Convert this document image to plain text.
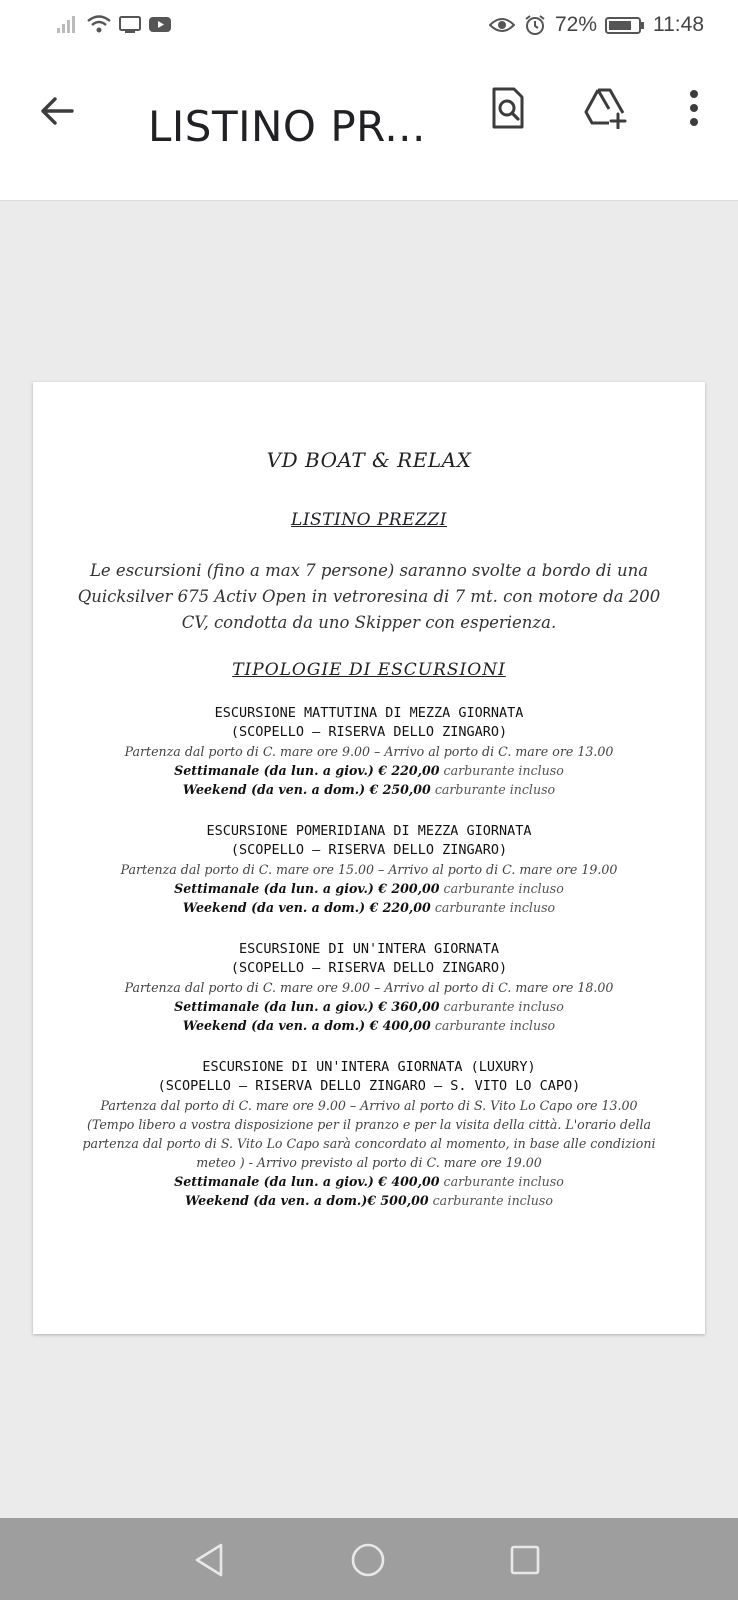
72%	11:48
LISTINO PR...
VD BOAT & RELAX
LISTINO PREZZI
Le escursioni (fino a max 7 persone) saranno svolte a bordo di una Quicksilver 675 Activ Open in vetroresina di 7 mt. con motore da 200 CV, condotta da uno Skipper con esperienza.
TIPOLOGIE DI ESCURSIONI
ESCURSIONE MATTUTINA DI MEZZA GIORNATA
(SCOPELLO – RISERVA DELLO ZINGARO)
Partenza dal porto di C. mare ore 9.00 – Arrivo al porto di C. mare ore 13.00
Settimanale (da lun. a giov.) € 220,00 carburante incluso
Weekend (da ven. a dom.) € 250,00 carburante incluso
ESCURSIONE POMERIDIANA DI MEZZA GIORNATA
(SCOPELLO – RISERVA DELLO ZINGARO)
Partenza dal porto di C. mare ore 15.00 – Arrivo al porto di C. mare ore 19.00
Settimanale (da lun. a giov.) € 200,00 carburante incluso
Weekend (da ven. a dom.) € 220,00 carburante incluso
ESCURSIONE DI UN'INTERA GIORNATA
(SCOPELLO – RISERVA DELLO ZINGARO)
Partenza dal porto di C. mare ore 9.00 – Arrivo al porto di C. mare ore 18.00
Settimanale (da lun. a giov.) € 360,00 carburante incluso
Weekend (da ven. a dom.) € 400,00 carburante incluso
ESCURSIONE DI UN'INTERA GIORNATA (LUXURY)
(SCOPELLO – RISERVA DELLO ZINGARO – S. VITO LO CAPO)
Partenza dal porto di C. mare ore 9.00 – Arrivo al porto di S. Vito Lo Capo ore 13.00
(Tempo libero a vostra disposizione per il pranzo e per la visita della città. L'orario della
partenza dal porto di S. Vito Lo Capo sarà concordato al momento, in base alle condizioni
meteo ) - Arrivo previsto al porto di C. mare ore 19.00
Settimanale (da lun. a giov.) € 400,00 carburante incluso
Weekend (da ven. a dom.)€ 500,00 carburante incluso
